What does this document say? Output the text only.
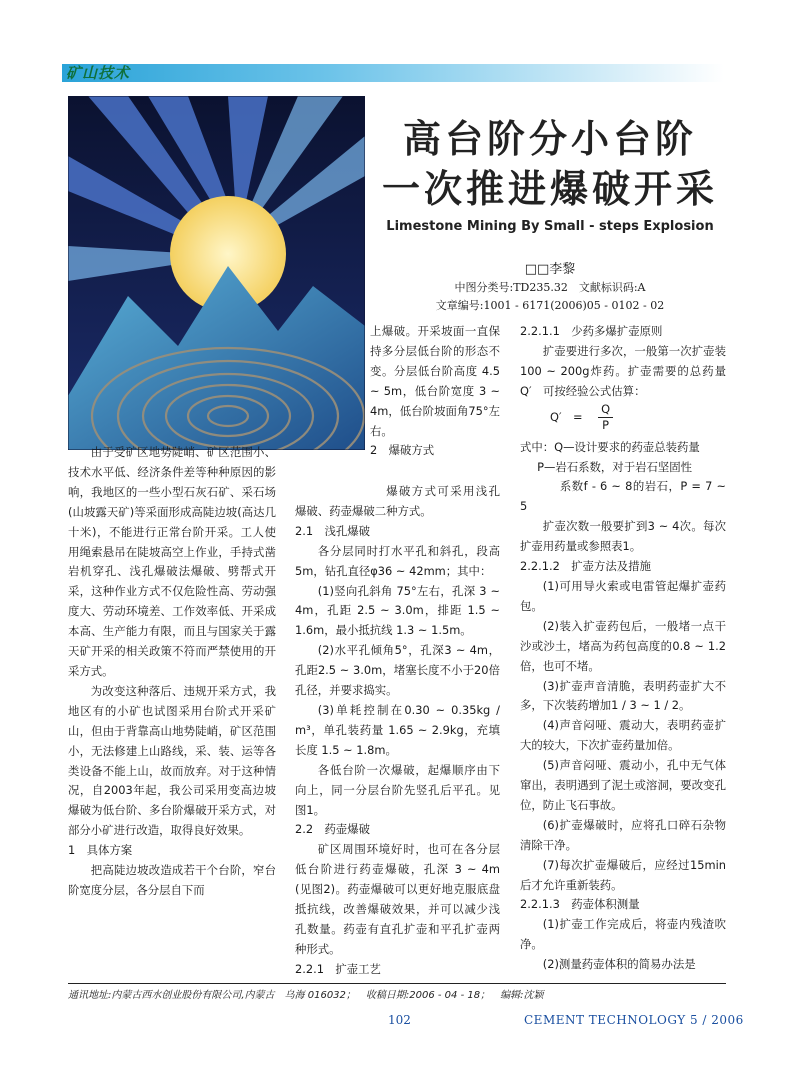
矿山技术
高台阶分小台阶
一次推进爆破开采
Limestone Mining By Small - steps Explosion
□□李黎
中图分类号:TD235.32　文献标识码:A
文章编号:1001 - 6171(2006)05 - 0102 - 02

由于受矿区地势陡峭、矿区范围小、技术水平低、经济条件差等种种原因的影响，我地区的一些小型石灰石矿、采石场(山坡露天矿)等采面形成高陡边坡(高达几十米)，不能进行正常台阶开采。工人使用绳索悬吊在陡坡高空上作业，手持式凿岩机穿孔、浅孔爆破法爆破、劈帮式开采，这种作业方式不仅危险性高、劳动强度大、劳动环境差、工作效率低、开采成本高、生产能力有限，而且与国家关于露天矿开采的相关政策不符而严禁使用的开采方式。

为改变这种落后、违规开采方式，我地区有的小矿也试图采用台阶式开采矿山，但由于背靠高山地势陡峭，矿区范围小，无法修建上山路线，采、装、运等各类设备不能上山，故而放弃。对于这种情况，自2003年起，我公司采用变高边坡爆破为低台阶、多台阶爆破开采方式，对部分小矿进行改造，取得良好效果。

1　具体方案

把高陡边坡改造成若干个台阶，窄台阶宽度分层，各分层自下而

上爆破。开采坡面一直保持多分层低台阶的形态不变。分层低台阶高度 4.5 ~ 5m，低台阶宽度 3 ~ 4m，低台阶坡面角75°左右。

2　爆破方式

爆破方式可采用浅孔爆破、药壶爆破二种方式。

2.1　浅孔爆破

各分层同时打水平孔和斜孔，段高5m，钻孔直径φ36 ~ 42mm；其中：

(1)竖向孔斜角 75°左右，孔深 3 ~ 4m，孔距 2.5 ~ 3.0m，排距 1.5 ~ 1.6m，最小抵抗线 1.3 ~ 1.5m。

(2)水平孔倾角5°，孔深3 ~ 4m，孔距2.5 ~ 3.0m，堵塞长度不小于20倍孔径，并要求捣实。

(3)单耗控制在0.30 ~ 0.35kg / m³，单孔装药量 1.65 ~ 2.9kg，充填长度 1.5 ~ 1.8m。

各低台阶一次爆破，起爆顺序由下向上，同一分层台阶先竖孔后平孔。见图1。

2.2　药壶爆破

矿区周围环境好时，也可在各分层低台阶进行药壶爆破，孔深 3 ~ 4m　(见图2)。药壶爆破可以更好地克服底盘抵抗线，改善爆破效果，并可以减少浅孔数量。药壶有直孔扩壶和平孔扩壶两种形式。

2.2.1　扩壶工艺

2.2.1.1　少药多爆扩壶原则

扩壶要进行多次，一般第一次扩壶装 100 ~ 200g炸药。扩壶需要的总药量 Q′　可按经验公式估算：

Q′　= $\frac{Q}{P}$

式中：Q—设计要求的药壶总装药量

P—岩石系数，对于岩石坚固性

系数f - 6 ~ 8的岩石，P = 7 ~ 5

扩壶次数一般要扩到3 ~ 4次。每次扩壶用药量或参照表1。

2.2.1.2　扩壶方法及措施

(1)可用导火索或电雷管起爆扩壶药包。

(2)装入扩壶药包后，一般堵一点干沙或沙土，堵高为药包高度的0.8 ~ 1.2倍，也可不堵。

(3)扩壶声音清脆，表明药壶扩大不多，下次装药增加1 / 3 ~ 1 / 2。

(4)声音闷哑、震动大，表明药壶扩大的较大，下次扩壶药量加倍。

(5)声音闷哑、震动小，孔中无气体窜出，表明遇到了泥土或溶洞，要改变孔位，防止飞石事故。

(6)扩壶爆破时，应将孔口碎石杂物清除干净。

(7)每次扩壶爆破后，应经过15min后才允许重新装药。

2.2.1.3　药壶体积测量

(1)扩壶工作完成后，将壶内残渣吹净。

(2)测量药壶体积的简易办法是

通讯地址:内蒙古西水创业股份有限公司,内蒙古　乌海 016032；　收稿日期:2006 - 04 - 18；　编辑:沈颖
102	CEMENT TECHNOLOGY 5 / 2006
